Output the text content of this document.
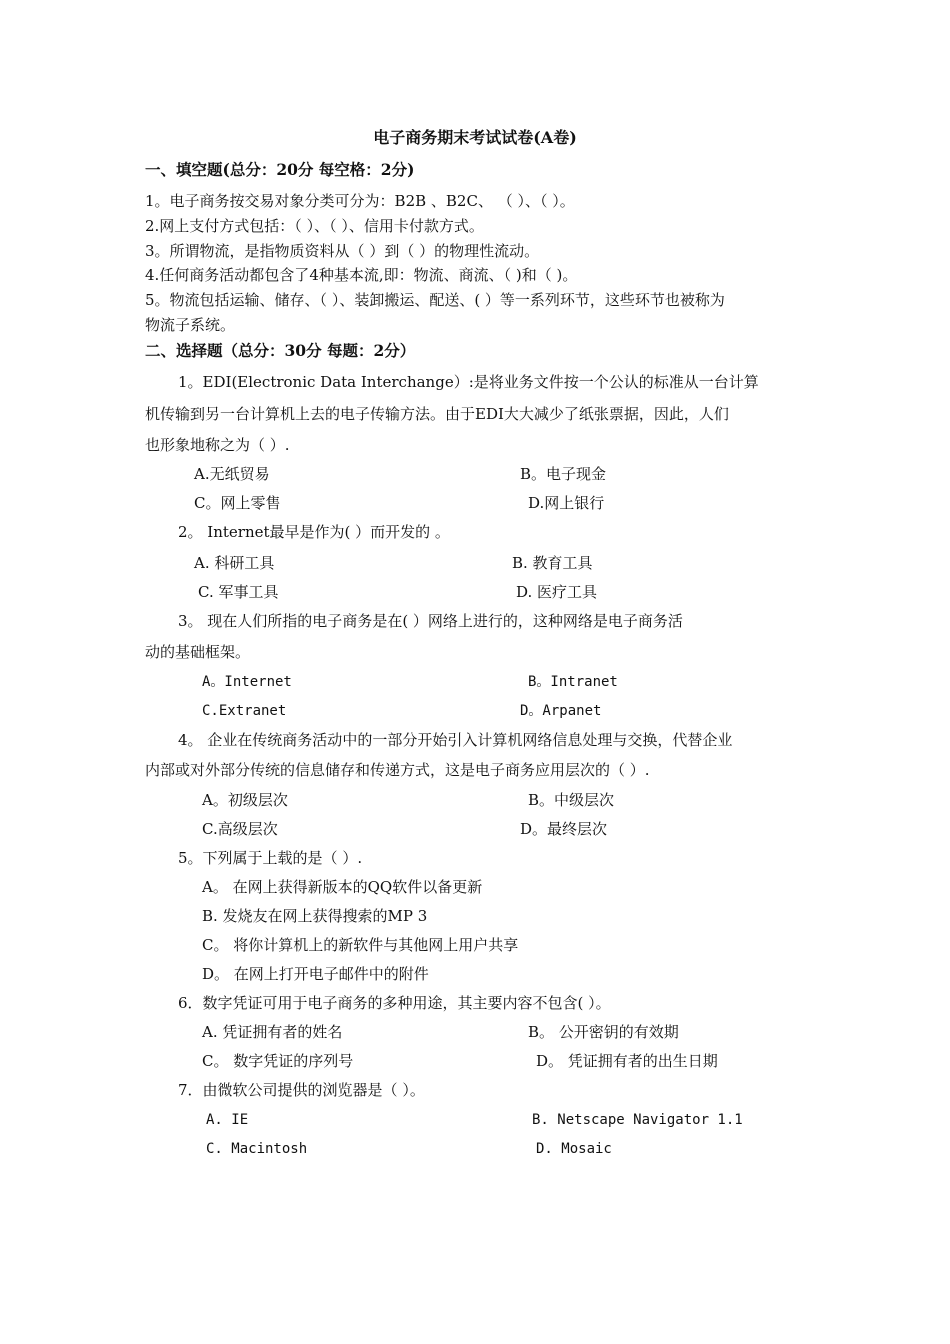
电子商务期末考试试卷(A卷)
一、填空题(总分：20分 每空格：2分)
1。电子商务按交易对象分类可分为：B2B 、B2C、 （ ）、（ ）。
2.网上支付方式包括：（ ）、（ ）、信用卡付款方式。
3。所谓物流，是指物质资料从（ ）到（ ）的物理性流动。
4.任何商务活动都包含了4种基本流,即：物流、商流、（ )和（ )。
5。物流包括运输、储存、（ ）、装卸搬运、配送、( ）等一系列环节，这些环节也被称为
物流子系统。
二、选择题（总分：30分 每题：2分）
1。EDI(Electronic Data Interchange）:是将业务文件按一个公认的标准从一台计算
机传输到另一台计算机上去的电子传输方法。由于EDI大大减少了纸张票据，因此，人们
也形象地称之为（ ）.
A.无纸贸易	B。电子现金
C。网上零售	D.网上银行
2。 Internet最早是作为( ）而开发的 。
A. 科研工具	B. 教育工具
C. 军事工具	D. 医疗工具
3。 现在人们所指的电子商务是在( ）网络上进行的，这种网络是电子商务活
动的基础框架。
A。Internet	B。Intranet
C.Extranet	D。Arpanet
4。 企业在传统商务活动中的一部分开始引入计算机网络信息处理与交换，代替企业
内部或对外部分传统的信息储存和传递方式，这是电子商务应用层次的（ ）.
A。初级层次	B。中级层次
C.高级层次	D。最终层次
5。下列属于上载的是（ ）.
A。 在网上获得新版本的QQ软件以备更新
B. 发烧友在网上获得搜索的MP 3
C。 将你计算机上的新软件与其他网上用户共享
D。 在网上打开电子邮件中的附件
6．数字凭证可用于电子商务的多种用途，其主要内容不包含( ）。
A. 凭证拥有者的姓名	B。 公开密钥的有效期
C。 数字凭证的序列号	D。 凭证拥有者的出生日期
7．由微软公司提供的浏览器是（ ）。
A. IE	B. Netscape Navigator 1.1
C. Macintosh	D. Mosaic
